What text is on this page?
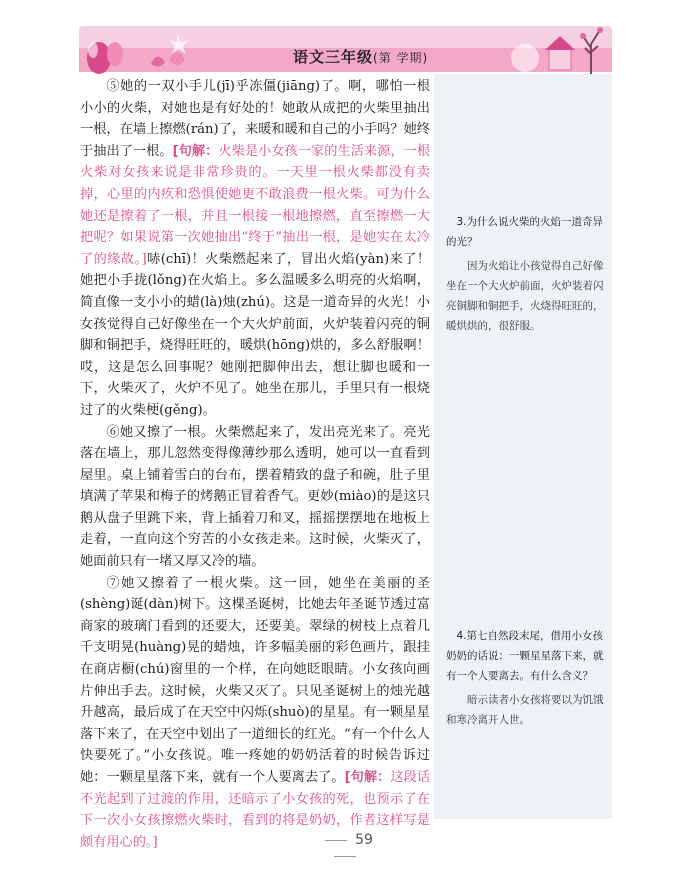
语文三年级(第 学期)

⑤她的一双小手儿(jī)乎冻僵(jiāng)了。啊，哪怕一根小小的火柴，对她也是有好处的！她敢从成把的火柴里抽出一根，在墙上擦燃(rán)了，来暖和暖和自己的小手吗？她终于抽出了一根。[句解：火柴是小女孩一家的生活来源，一根火柴对女孩来说是非常珍贵的。一天里一根火柴都没有卖掉，心里的内疚和恐惧使她更不敢浪费一根火柴。可为什么她还是擦着了一根，并且一根接一根地擦燃，直至擦燃一大把呢？如果说第一次她抽出“终于”抽出一根，是她实在太冷了的缘故。]哧(chī)！火柴燃起来了，冒出火焰(yàn)来了！她把小手拢(lǒng)在火焰上。多么温暖多么明亮的火焰啊，简直像一支小小的蜡(là)烛(zhú)。这是一道奇异的火光！小女孩觉得自己好像坐在一个大火炉前面，火炉装着闪亮的铜脚和铜把手，烧得旺旺的，暖烘(hōng)烘的，多么舒服啊！哎，这是怎么回事呢？她刚把脚伸出去，想让脚也暖和一下，火柴灭了，火炉不见了。她坐在那儿，手里只有一根烧过了的火柴梗(gěng)。

⑥她又擦了一根。火柴燃起来了，发出亮光来了。亮光落在墙上，那儿忽然变得像薄纱那么透明，她可以一直看到屋里。桌上铺着雪白的台布，摆着精致的盘子和碗，肚子里填满了苹果和梅子的烤鹅正冒着香气。更妙(miào)的是这只鹅从盘子里跳下来，背上插着刀和叉，摇摇摆摆地在地板上走着，一直向这个穷苦的小女孩走来。这时候，火柴灭了，她面前只有一堵又厚又冷的墙。

⑦她又擦着了一根火柴。这一回，她坐在美丽的圣(shèng)诞(dàn)树下。这棵圣诞树，比她去年圣诞节透过富商家的玻璃门看到的还要大，还要美。翠绿的树枝上点着几千支明晃(huàng)晃的蜡烛，许多幅美丽的彩色画片，跟挂在商店橱(chú)窗里的一个样，在向她眨眼睛。小女孩向画片伸出手去。这时候，火柴又灭了。只见圣诞树上的烛光越升越高，最后成了在天空中闪烁(shuò)的星星。有一颗星星落下来了，在天空中划出了一道细长的红光。“有一个什么人快要死了。”小女孩说。唯一疼她的奶奶活着的时候告诉过她：一颗星星落下来，就有一个人要离去了。[句解：这段话不光起到了过渡的作用，还暗示了小女孩的死，也预示了在下一次小女孩擦燃火柴时，看到的将是奶奶，作者这样写是颇有用心的。]

3.为什么说火柴的火焰一道奇异的光？

因为火焰让小孩觉得自己好像坐在一个大火炉前面，火炉装着闪亮铜脚和铜把手，火烧得旺旺的，暖烘烘的，很舒服。

4.第七自然段末尾，借用小女孩奶奶的话说：一颗星星落下来，就有一个人要离去。有什么含义？

暗示读者小女孩将要以为饥饿和寒冷离开人世。

59
